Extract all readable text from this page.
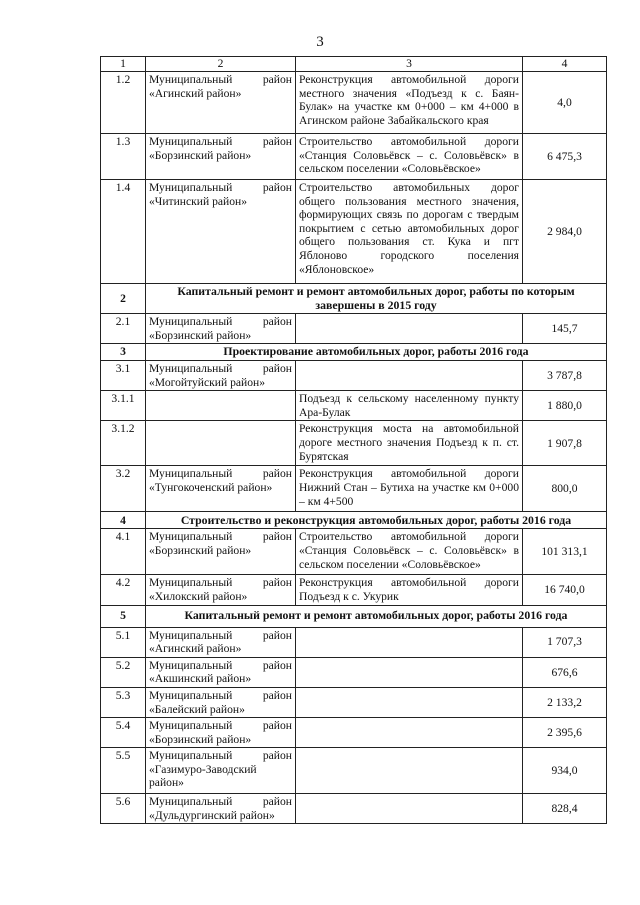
3
1	2	3	4
1.2	Муниципальный район «Агинский район»	Реконструкция автомобильной дороги местного значения «Подъезд к с. Баян-Булак» на участке км 0+000 – км 4+000 в Агинском районе Забайкальского края	4,0
1.3	Муниципальный район «Борзинский район»	Строительство автомобильной дороги «Станция Соловьёвск – с. Соловьёвск» в сельском поселении «Соловьёвское»	6 475,3
1.4	Муниципальный район «Читинский район»	Строительство автомобильных дорог общего пользования местного значения, формирующих связь по дорогам с твердым покрытием с сетью автомобильных дорог общего пользования ст. Кука и пгт Яблоново городского поселения «Яблоновское»	2 984,0
2	Капитальный ремонт и ремонт автомобильных дорог, работы по которым завершены в 2015 году		
2.1	Муниципальный район «Борзинский район»		145,7
3	Проектирование автомобильных дорог, работы 2016 года		
3.1	Муниципальный район «Могойтуйский район»		3 787,8
3.1.1		Подъезд к сельскому населенному пункту Ара-Булак	1 880,0
3.1.2		Реконструкция моста на автомобильной дороге местного значения Подъезд к п. ст. Бурятская	1 907,8
3.2	Муниципальный район «Тунгокоченский район»	Реконструкция автомобильной дороги Нижний Стан – Бутиха на участке км 0+000 – км 4+500	800,0
4	Строительство и реконструкция автомобильных дорог, работы 2016 года		
4.1	Муниципальный район «Борзинский район»	Строительство автомобильной дороги «Станция Соловьёвск – с. Соловьёвск» в сельском поселении «Соловьёвское»	101 313,1
4.2	Муниципальный район «Хилокский район»	Реконструкция автомобильной дороги Подъезд к с. Укурик	16 740,0
5	Капитальный ремонт и ремонт автомобильных дорог, работы 2016 года		
5.1	Муниципальный район «Агинский район»		1 707,3
5.2	Муниципальный район «Акшинский район»		676,6
5.3	Муниципальный район «Балейский район»		2 133,2
5.4	Муниципальный район «Борзинский район»		2 395,6
5.5	Муниципальный район «Газимуро-Заводский район»		934,0
5.6	Муниципальный район «Дульдургинский район»		828,4
